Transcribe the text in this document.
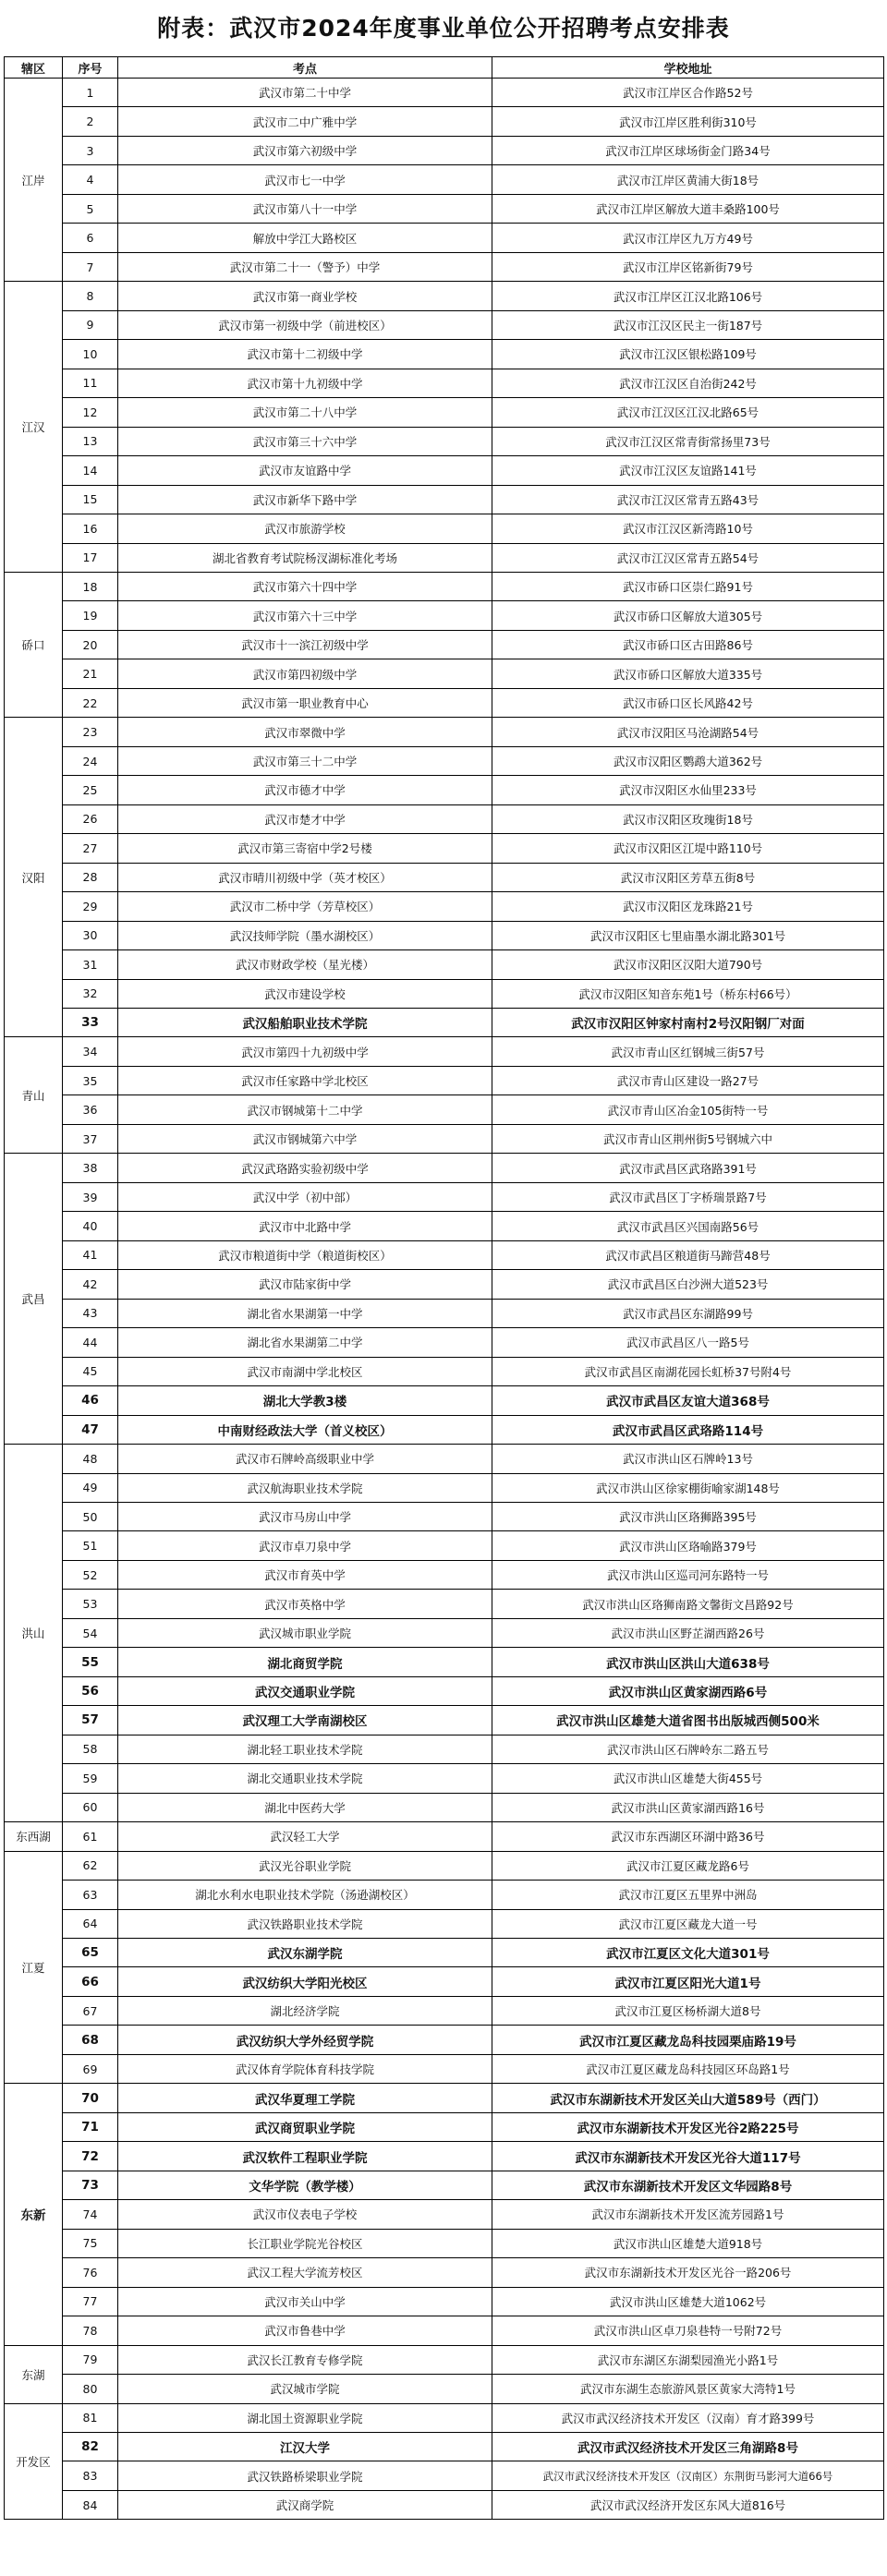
附表：武汉市2024年度事业单位公开招聘考点安排表
辖区	序号	考点	学校地址
江岸	1	武汉市第二十中学	武汉市江岸区合作路52号
	2	武汉市二中广雅中学	武汉市江岸区胜利街310号
	3	武汉市第六初级中学	武汉市江岸区球场街金门路34号
	4	武汉市七一中学	武汉市江岸区黄浦大街18号
	5	武汉市第八十一中学	武汉市江岸区解放大道丰桑路100号
	6	解放中学江大路校区	武汉市江岸区九万方49号
	7	武汉市第二十一（警予）中学	武汉市江岸区铭新街79号
江汉	8	武汉市第一商业学校	武汉市江岸区江汉北路106号
	9	武汉市第一初级中学（前进校区）	武汉市江汉区民主一街187号
	10	武汉市第十二初级中学	武汉市江汉区银松路109号
	11	武汉市第十九初级中学	武汉市江汉区自治街242号
	12	武汉市第二十八中学	武汉市江汉区江汉北路65号
	13	武汉市第三十六中学	武汉市江汉区常青街常扬里73号
	14	武汉市友谊路中学	武汉市江汉区友谊路141号
	15	武汉市新华下路中学	武汉市江汉区常青五路43号
	16	武汉市旅游学校	武汉市江汉区新湾路10号
	17	湖北省教育考试院杨汊湖标准化考场	武汉市江汉区常青五路54号
硚口	18	武汉市第六十四中学	武汉市硚口区崇仁路91号
	19	武汉市第六十三中学	武汉市硚口区解放大道305号
	20	武汉市十一滨江初级中学	武汉市硚口区古田路86号
	21	武汉市第四初级中学	武汉市硚口区解放大道335号
	22	武汉市第一职业教育中心	武汉市硚口区长风路42号
汉阳	23	武汉市翠微中学	武汉市汉阳区马沧湖路54号
	24	武汉市第三十二中学	武汉市汉阳区鹦鹉大道362号
	25	武汉市德才中学	武汉市汉阳区水仙里233号
	26	武汉市楚才中学	武汉市汉阳区玫瑰街18号
	27	武汉市第三寄宿中学2号楼	武汉市汉阳区江堤中路110号
	28	武汉市晴川初级中学（英才校区）	武汉市汉阳区芳草五街8号
	29	武汉市二桥中学（芳草校区）	武汉市汉阳区龙珠路21号
	30	武汉技师学院（墨水湖校区）	武汉市汉阳区七里庙墨水湖北路301号
	31	武汉市财政学校（星光楼）	武汉市汉阳区汉阳大道790号
	32	武汉市建设学校	武汉市汉阳区知音东苑1号（桥东村66号）
	33	武汉船舶职业技术学院	武汉市汉阳区钟家村南村2号汉阳钢厂对面
青山	34	武汉市第四十九初级中学	武汉市青山区红钢城三街57号
	35	武汉市任家路中学北校区	武汉市青山区建设一路27号
	36	武汉市钢城第十二中学	武汉市青山区冶金105街特一号
	37	武汉市钢城第六中学	武汉市青山区荆州街5号钢城六中
武昌	38	武汉武珞路实验初级中学	武汉市武昌区武珞路391号
	39	武汉中学（初中部）	武汉市武昌区丁字桥瑞景路7号
	40	武汉市中北路中学	武汉市武昌区兴国南路56号
	41	武汉市粮道街中学（粮道街校区）	武汉市武昌区粮道街马蹄营48号
	42	武汉市陆家街中学	武汉市武昌区白沙洲大道523号
	43	湖北省水果湖第一中学	武汉市武昌区东湖路99号
	44	湖北省水果湖第二中学	武汉市武昌区八一路5号
	45	武汉市南湖中学北校区	武汉市武昌区南湖花园长虹桥37号附4号
	46	湖北大学教3楼	武汉市武昌区友谊大道368号
	47	中南财经政法大学（首义校区）	武汉市武昌区武珞路114号
洪山	48	武汉市石牌岭高级职业中学	武汉市洪山区石牌岭13号
	49	武汉航海职业技术学院	武汉市洪山区徐家棚街喻家湖148号
	50	武汉市马房山中学	武汉市洪山区珞狮路395号
	51	武汉市卓刀泉中学	武汉市洪山区珞喻路379号
	52	武汉市育英中学	武汉市洪山区巡司河东路特一号
	53	武汉市英格中学	武汉市洪山区珞狮南路文馨街文昌路92号
	54	武汉城市职业学院	武汉市洪山区野芷湖西路26号
	55	湖北商贸学院	武汉市洪山区洪山大道638号
	56	武汉交通职业学院	武汉市洪山区黄家湖西路6号
	57	武汉理工大学南湖校区	武汉市洪山区雄楚大道省图书出版城西侧500米
	58	湖北轻工职业技术学院	武汉市洪山区石牌岭东二路五号
	59	湖北交通职业技术学院	武汉市洪山区雄楚大街455号
	60	湖北中医药大学	武汉市洪山区黄家湖西路16号
东西湖	61	武汉轻工大学	武汉市东西湖区环湖中路36号
江夏	62	武汉光谷职业学院	武汉市江夏区藏龙路6号
	63	湖北水利水电职业技术学院（汤逊湖校区）	武汉市江夏区五里界中洲岛
	64	武汉铁路职业技术学院	武汉市江夏区藏龙大道一号
	65	武汉东湖学院	武汉市江夏区文化大道301号
	66	武汉纺织大学阳光校区	武汉市江夏区阳光大道1号
	67	湖北经济学院	武汉市江夏区杨桥湖大道8号
	68	武汉纺织大学外经贸学院	武汉市江夏区藏龙岛科技园栗庙路19号
	69	武汉体育学院体育科技学院	武汉市江夏区藏龙岛科技园区环岛路1号
东新	70	武汉华夏理工学院	武汉市东湖新技术开发区关山大道589号（西门）
	71	武汉商贸职业学院	武汉市东湖新技术开发区光谷2路225号
	72	武汉软件工程职业学院	武汉市东湖新技术开发区光谷大道117号
	73	文华学院（教学楼）	武汉市东湖新技术开发区文华园路8号
	74	武汉市仪表电子学校	武汉市东湖新技术开发区流芳园路1号
	75	长江职业学院光谷校区	武汉市洪山区雄楚大道918号
	76	武汉工程大学流芳校区	武汉市东湖新技术开发区光谷一路206号
	77	武汉市关山中学	武汉市洪山区雄楚大道1062号
	78	武汉市鲁巷中学	武汉市洪山区卓刀泉巷特一号附72号
东湖	79	武汉长江教育专修学院	武汉市东湖区东湖梨园渔光小路1号
	80	武汉城市学院	武汉市东湖生态旅游风景区黄家大湾特1号
开发区	81	湖北国土资源职业学院	武汉市武汉经济技术开发区（汉南）育才路399号
	82	江汉大学	武汉市武汉经济技术开发区三角湖路8号
	83	武汉铁路桥梁职业学院	武汉市武汉经济技术开发区（汉南区）东荆街马影河大道66号
	84	武汉商学院	武汉市武汉经济开发区东风大道816号
